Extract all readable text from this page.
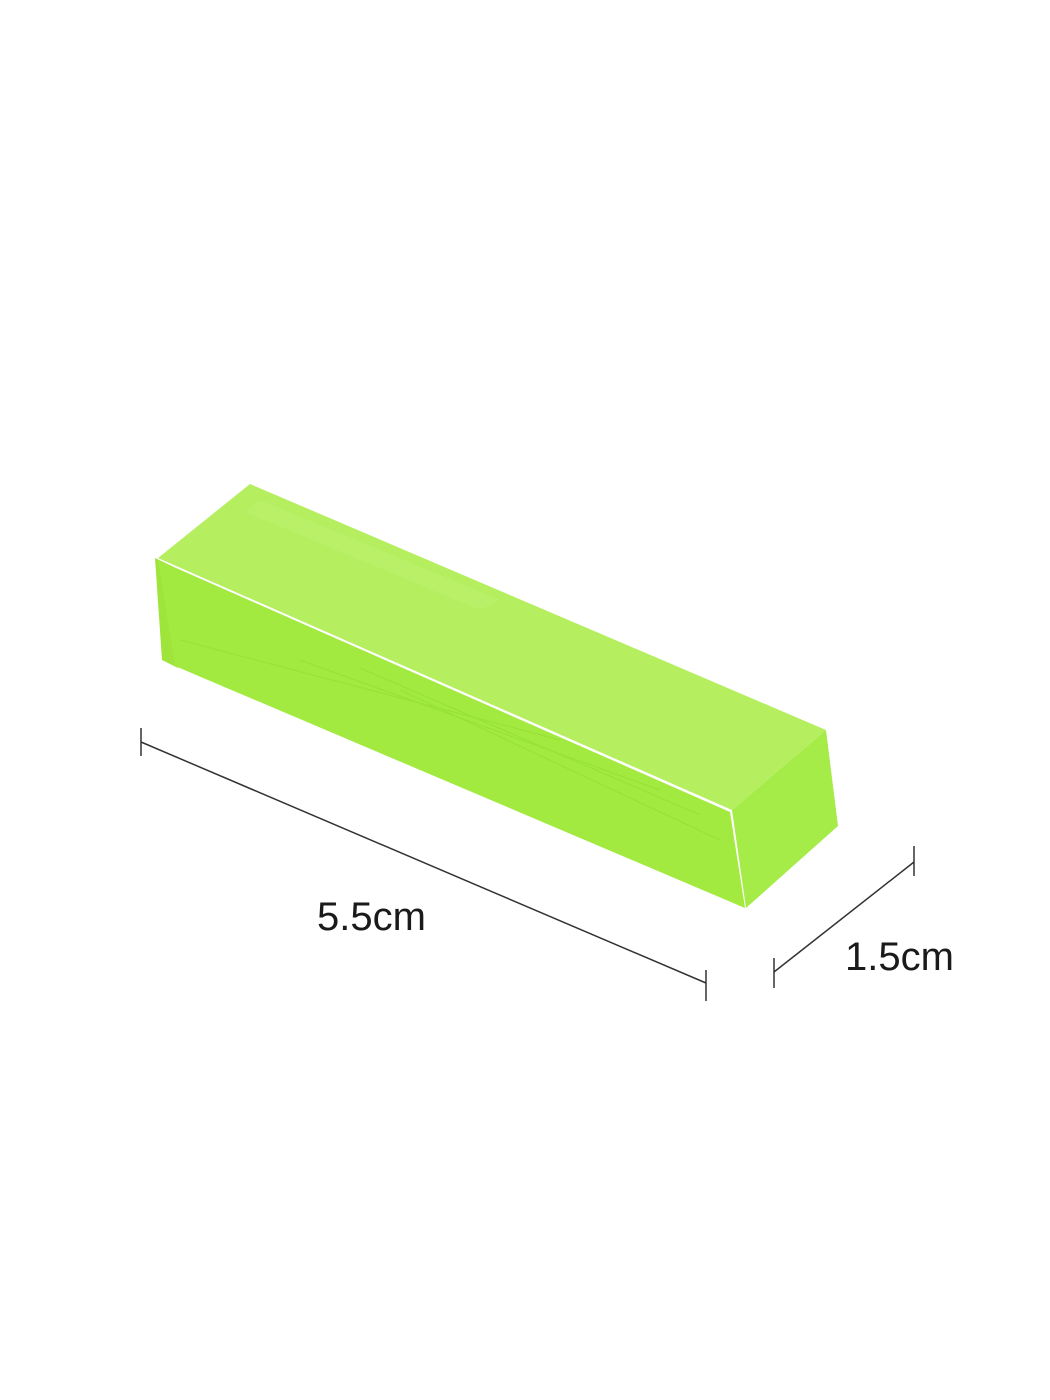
5.5cm
1.5cm
